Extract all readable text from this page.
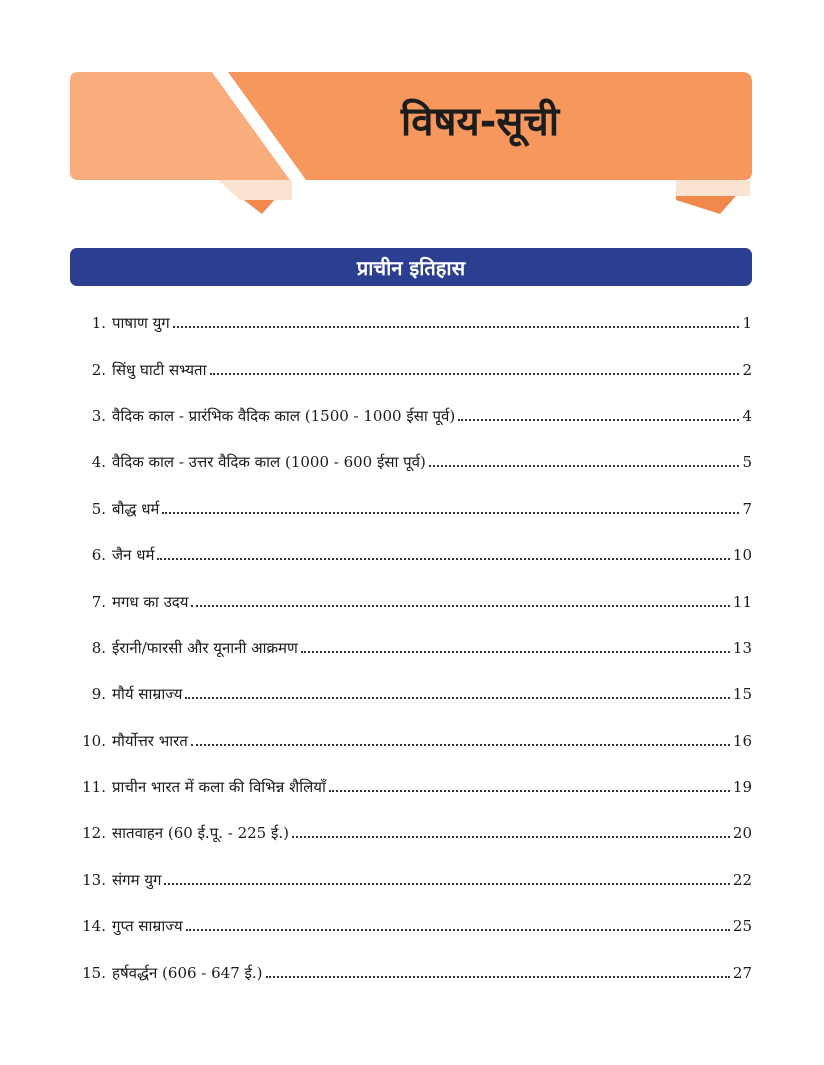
विषय-सूची
प्राचीन इतिहास
1. पाषाण युग	1
2. सिंधु घाटी सभ्यता	2
3. वैदिक काल - प्रारंभिक वैदिक काल (1500 - 1000 ईसा पूर्व)	4
4. वैदिक काल - उत्तर वैदिक काल (1000 - 600 ईसा पूर्व)	5
5. बौद्ध धर्म	7
6. जैन धर्म	10
7. मगध का उदय	11
8. ईरानी/फारसी और यूनानी आक्रमण	13
9. मौर्य साम्राज्य	15
10. मौर्योत्तर भारत	16
11. प्राचीन भारत में कला की विभिन्न शैलियाँ	19
12. सातवाहन (60 ई.पू. - 225 ई.)	20
13. संगम युग	22
14. गुप्त साम्राज्य	25
15. हर्षवर्द्धन (606 - 647 ई.)	27
